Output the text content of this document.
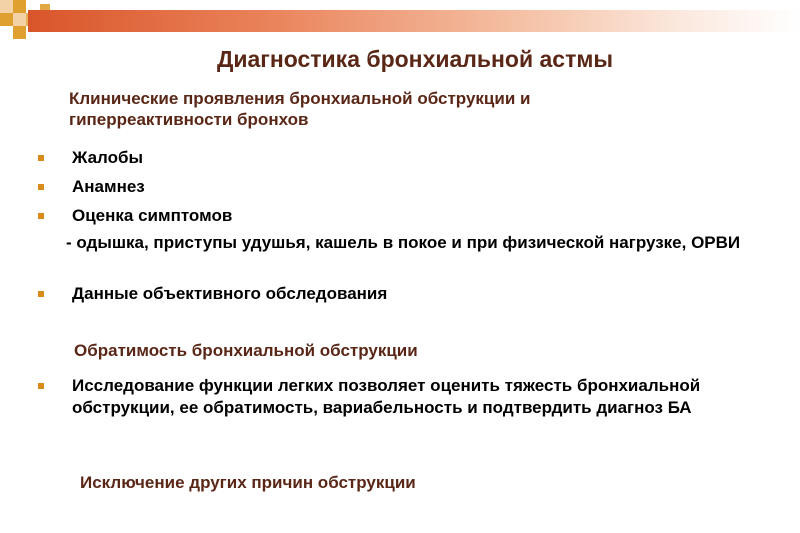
Диагностика бронхиальной астмы
Клинические проявления бронхиальной обструкции и гиперреактивности бронхов
Жалобы
Анамнез
Оценка симптомов
- одышка, приступы удушья, кашель в покое и при физической нагрузке, ОРВИ
Данные объективного обследования
Обратимость бронхиальной обструкции
Исследование функции легких позволяет оценить тяжесть бронхиальной обструкции, ее обратимость, вариабельность и подтвердить диагноз БА
Исключение других причин обструкции
